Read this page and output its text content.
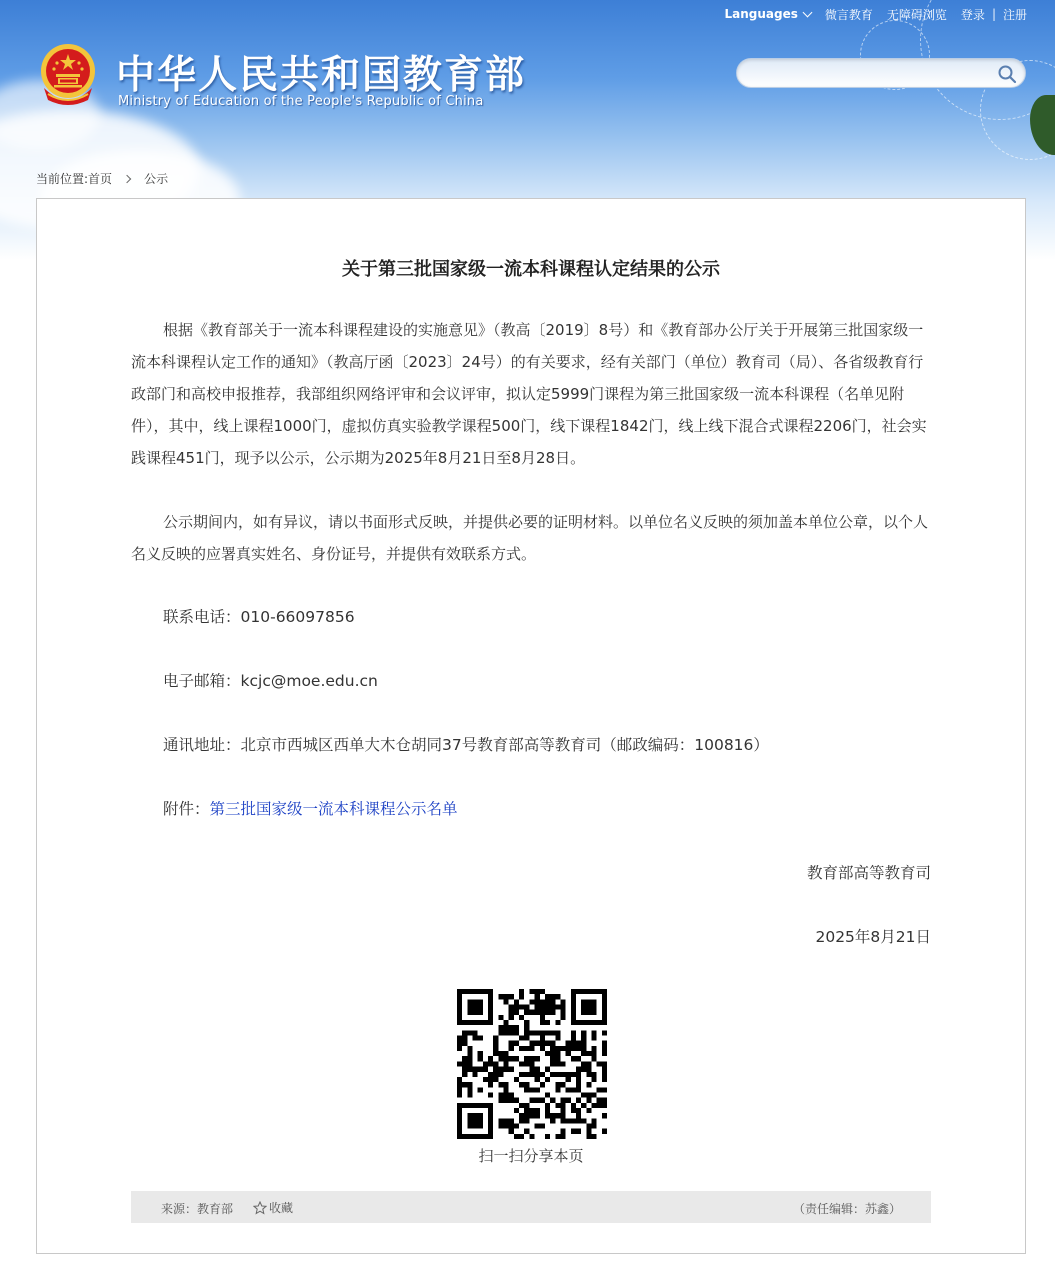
Languages 微言教育 无障碍浏览 登录 | 注册
中华人民共和国教育部
Ministry of Education of the People's Republic of China
当前位置: 首页	公示
关于第三批国家级一流本科课程认定结果的公示
根据《教育部关于一流本科课程建设的实施意见》（教高〔2019〕8号）和《教育部办公厅关于开展第三批国家级一流本科课程认定工作的通知》（教高厅函〔2023〕24号）的有关要求，经有关部门（单位）教育司（局）、各省级教育行政部门和高校申报推荐，我部组织网络评审和会议评审，拟认定5999门课程为第三批国家级一流本科课程（名单见附件），其中，线上课程1000门，虚拟仿真实验教学课程500门，线下课程1842门，线上线下混合式课程2206门，社会实践课程451门，现予以公示，公示期为2025年8月21日至8月28日。
公示期间内，如有异议，请以书面形式反映，并提供必要的证明材料。以单位名义反映的须加盖本单位公章，以个人名义反映的应署真实姓名、身份证号，并提供有效联系方式。
联系电话：010-66097856
电子邮箱：kcjc@moe.edu.cn
通讯地址：北京市西城区西单大木仓胡同37号教育部高等教育司（邮政编码：100816）
附件：第三批国家级一流本科课程公示名单
教育部高等教育司
2025年8月21日
扫一扫分享本页
来源：教育部	收藏	（责任编辑：苏鑫）
